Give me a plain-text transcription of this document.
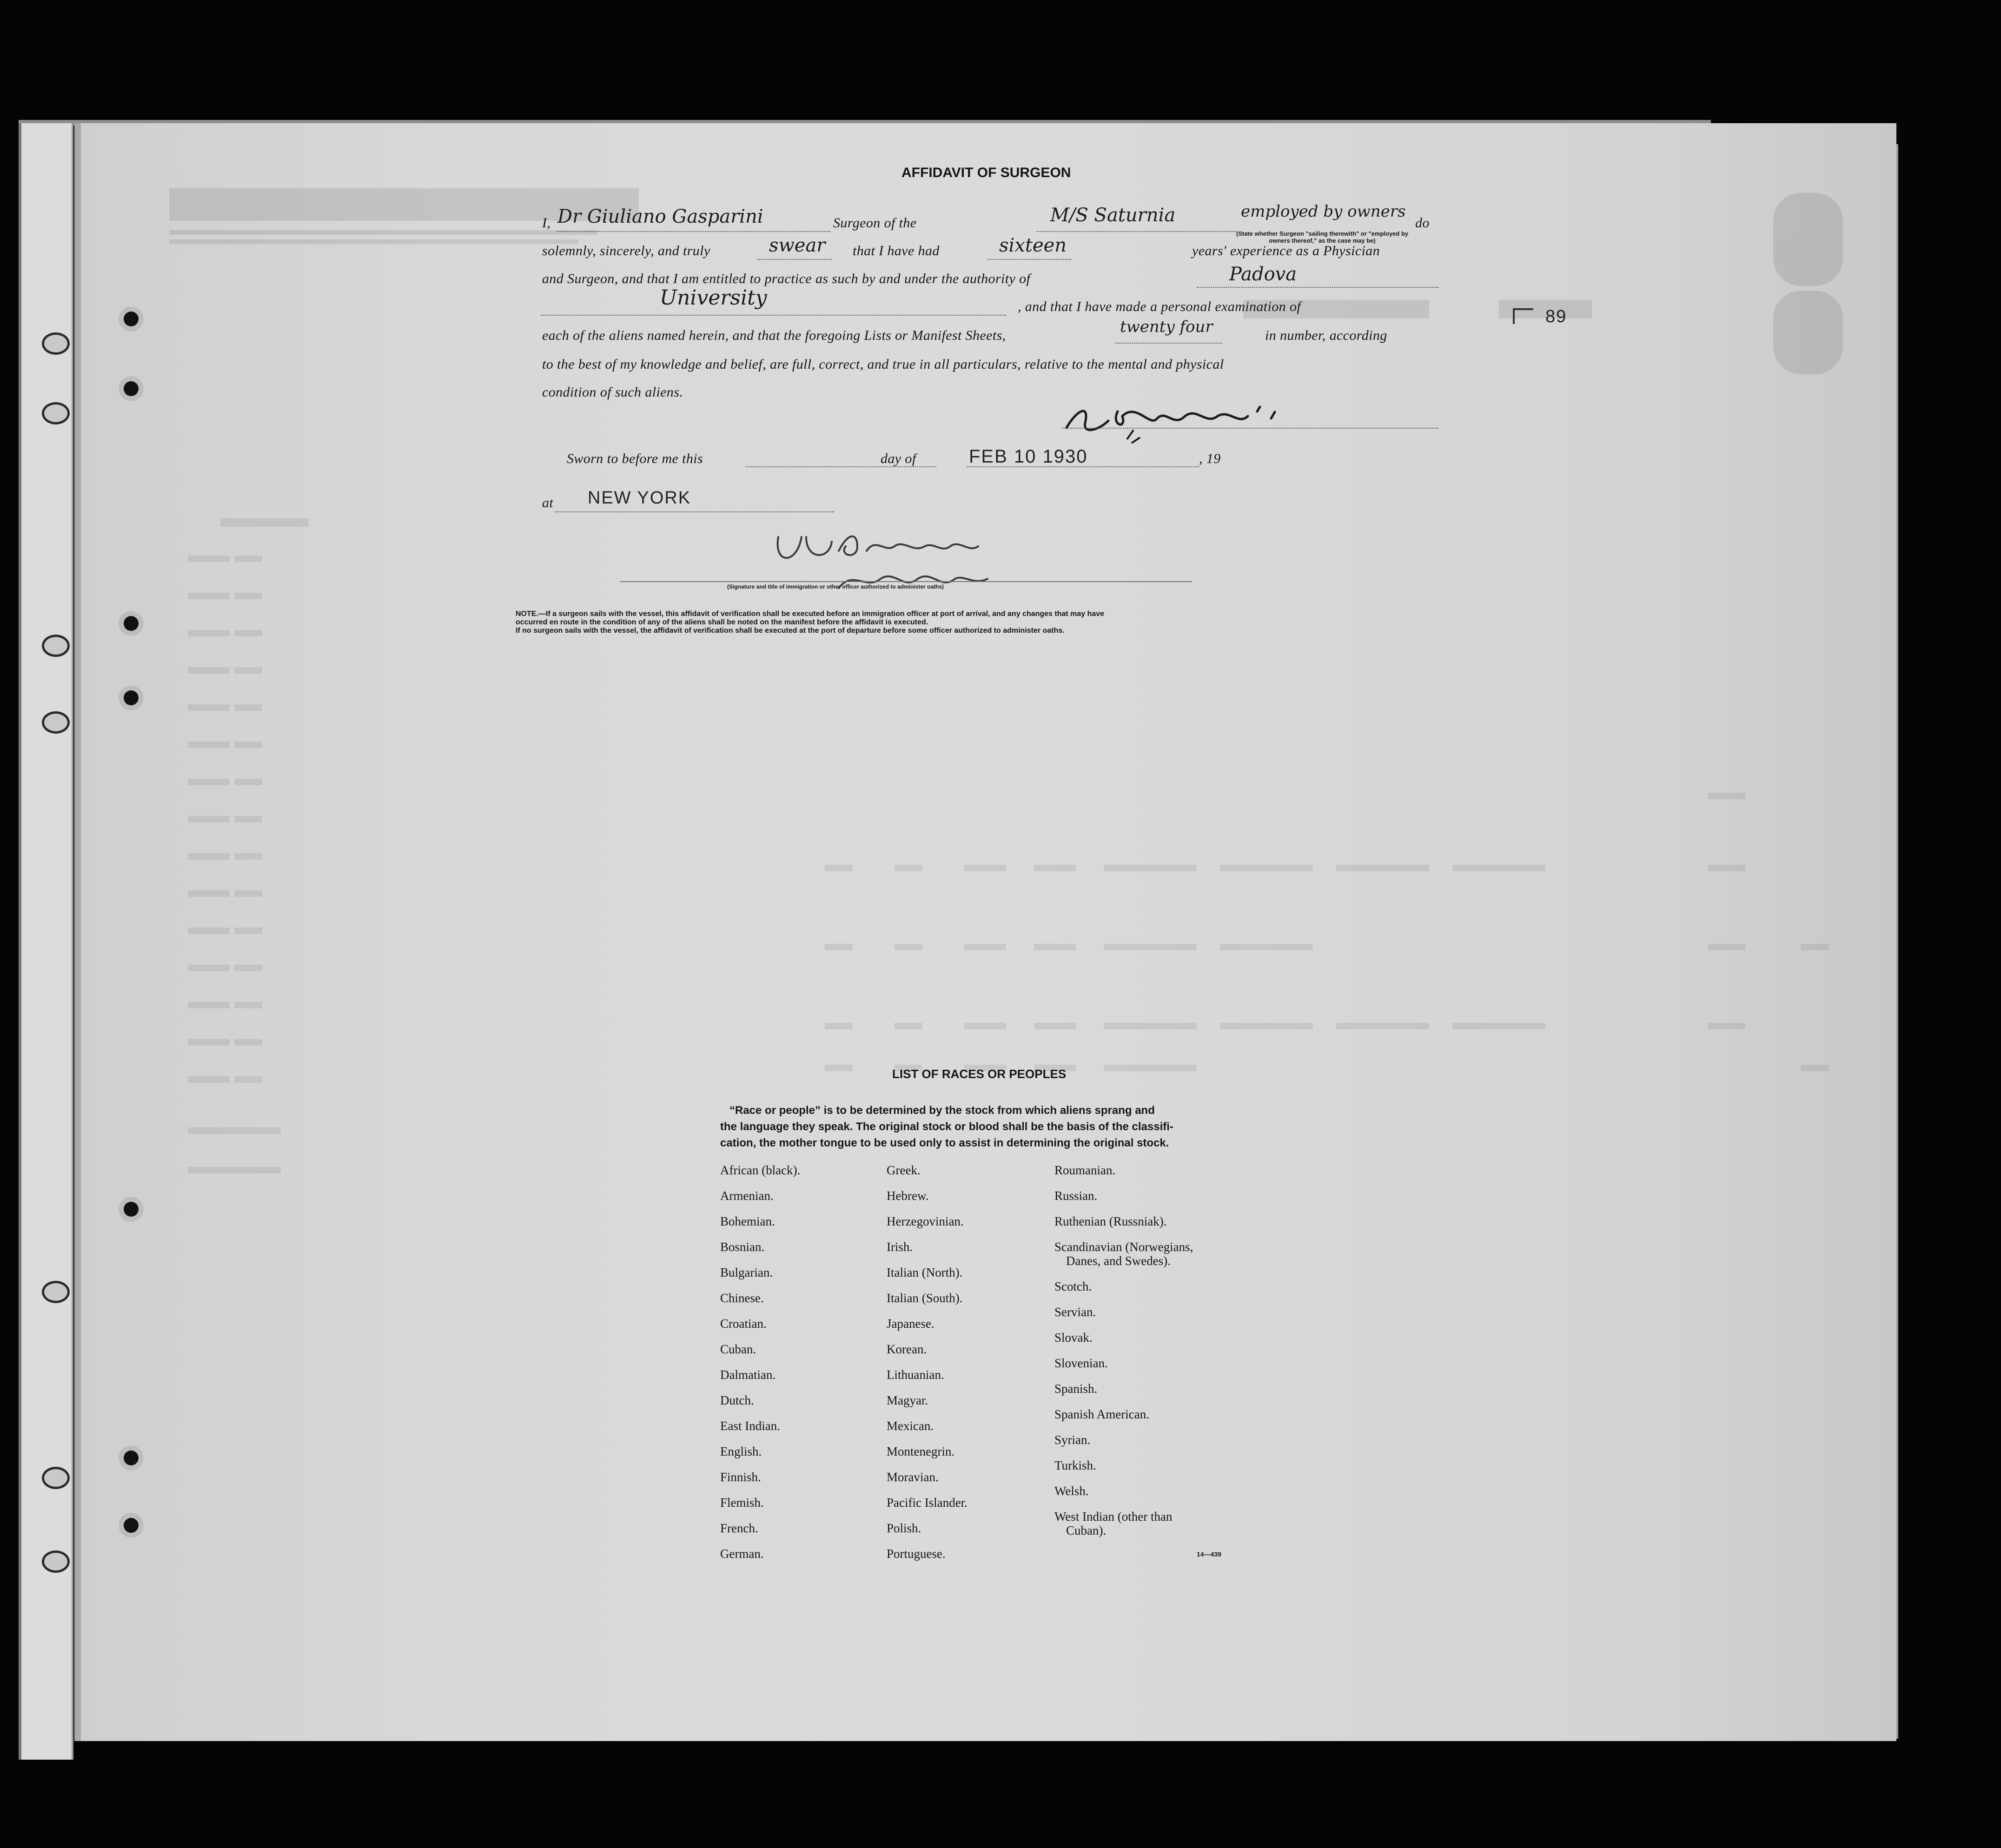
AFFIDAVIT OF SURGEON
I, Dr Giuliano Gasparini	Surgeon of the	M/S Saturnia	employed by owners
do
(State whether Surgeon "sailing therewith" or "employed by owners thereof," as the case may be)
solemnly, sincerely, and truly	swear that I have had	sixteen	years' experience as a Physician
and Surgeon, and that I am entitled to practice as such by and under the authority of	Padova
University	, and that I have made a personal examination of
89
each of the aliens named herein, and that the foregoing Lists or Manifest Sheets,	twenty four	in number, according
to the best of my knowledge and belief, are full, correct, and true in all particulars, relative to the mental and physical
condition of such aliens.
Sworn to before me this	day of	FEB 10 1930	, 19
at NEW YORK
(Signature and title of immigration or other officer authorized to administer oaths)
NOTE.—If a surgeon sails with the vessel, this affidavit of verification shall be executed before an immigration officer at port of arrival, and any changes that may have
occurred en route in the condition of any of the aliens shall be noted on the manifest before the affidavit is executed.
If no surgeon sails with the vessel, the affidavit of verification shall be executed at the port of departure before some officer authorized to administer oaths.
LIST OF RACES OR PEOPLES
“Race or people” is to be determined by the stock from which aliens sprang and
the language they speak. The original stock or blood shall be the basis of the classifi-
cation, the mother tongue to be used only to assist in determining the original stock.
African (black).
Armenian.
Bohemian.
Bosnian.
Bulgarian.
Chinese.
Croatian.
Cuban.
Dalmatian.
Dutch.
East Indian.
English.
Finnish.
Flemish.
French.
German.
Greek.
Hebrew.
Herzegovinian.
Irish.
Italian (North).
Italian (South).
Japanese.
Korean.
Lithuanian.
Magyar.
Mexican.
Montenegrin.
Moravian.
Pacific Islander.
Polish.
Portuguese.
Roumanian.
Russian.
Ruthenian (Russniak).
Scandinavian (Norwegians,
Danes, and Swedes).
Scotch.
Servian.
Slovak.
Slovenian.
Spanish.
Spanish American.
Syrian.
Turkish.
Welsh.
West Indian (other than
Cuban).
14—439
